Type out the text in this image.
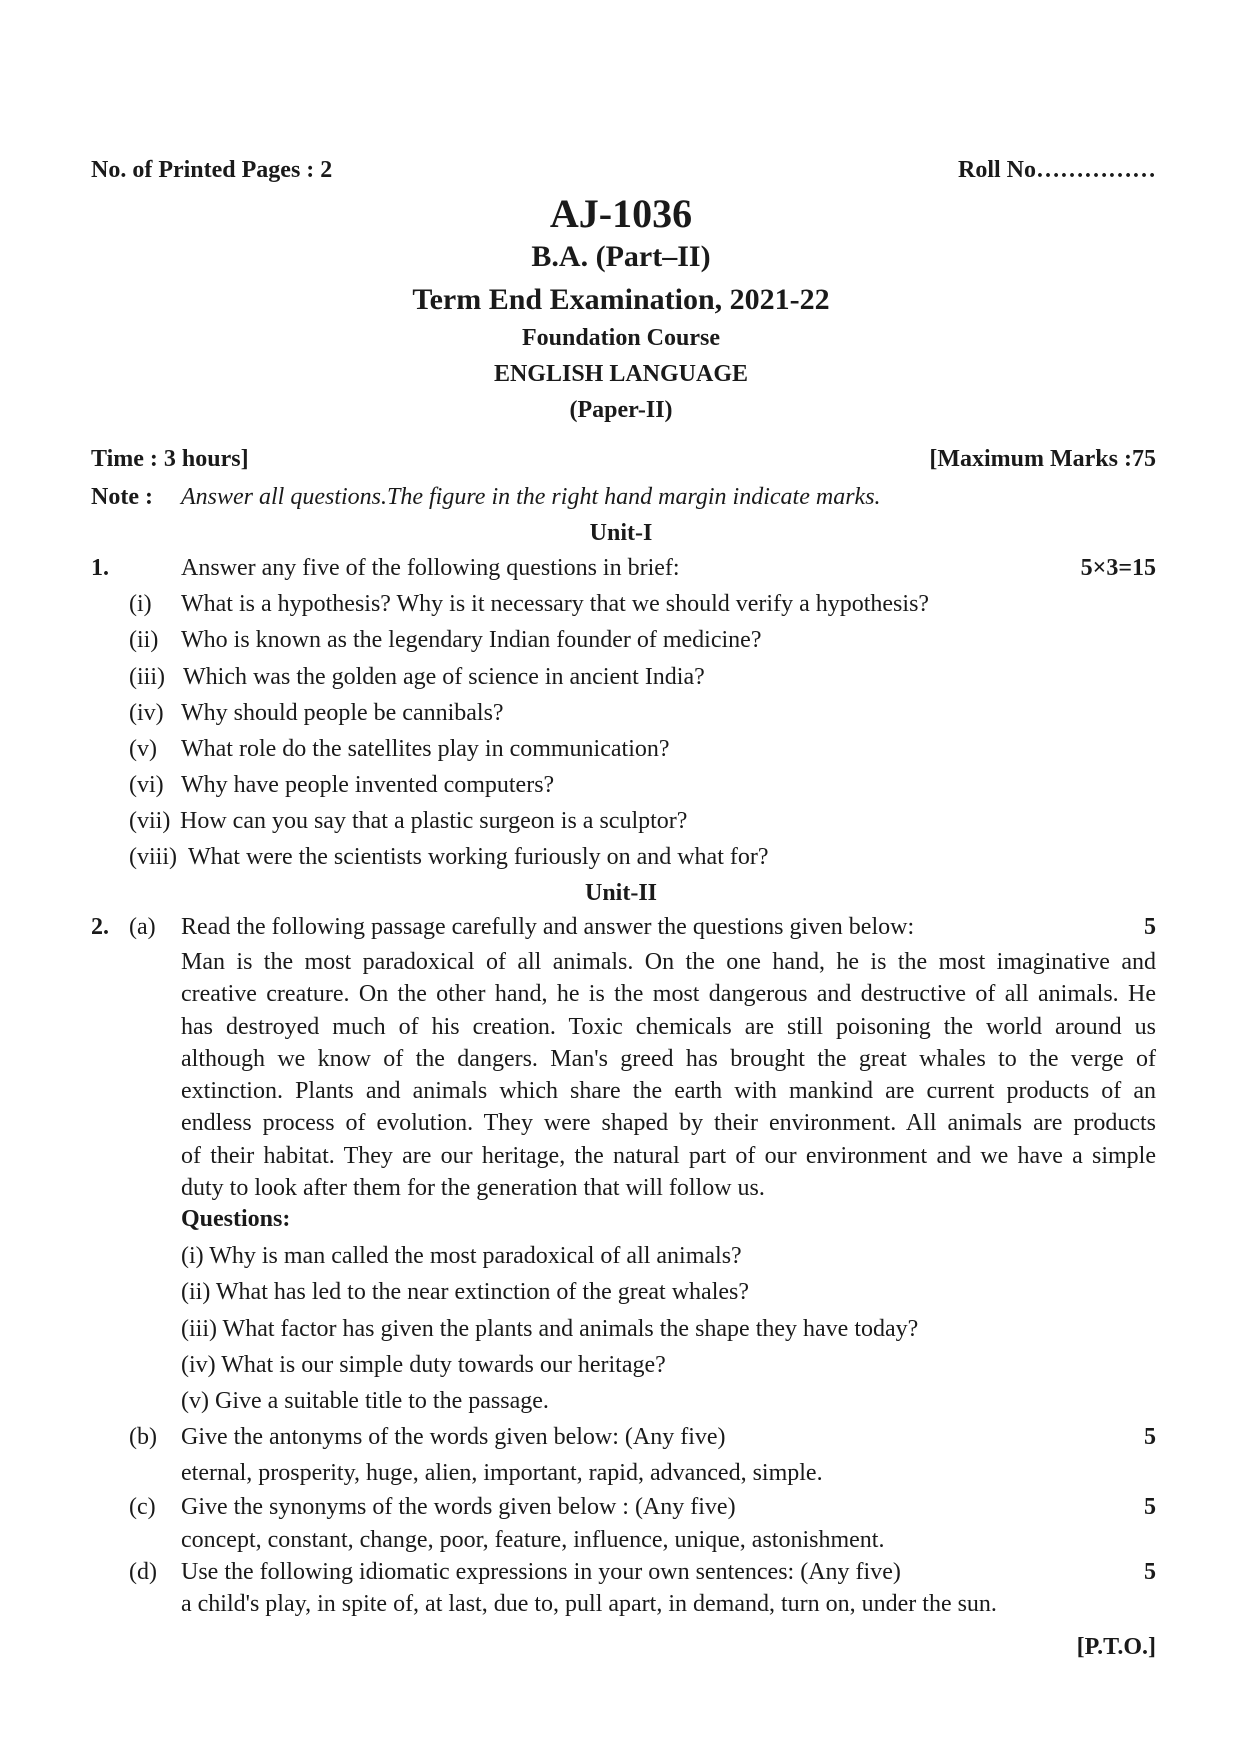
No. of Printed Pages : 2	Roll No……………
AJ-1036
B.A. (Part–II)
Term End Examination, 2021-22
Foundation Course
ENGLISH LANGUAGE
(Paper-II)
Time : 3 hours]	[Maximum Marks :75
Note : Answer all questions.The figure in the right hand margin indicate marks.
Unit-I
1.	Answer any five of the following questions in brief:	5×3=15
(i) What is a hypothesis? Why is it necessary that we should verify a hypothesis?
(ii) Who is known as the legendary Indian founder of medicine?
(iii) Which was the golden age of science in ancient India?
(iv) Why should people be cannibals?
(v) What role do the satellites play in communication?
(vi) Why have people invented computers?
(vii) How can you say that a plastic surgeon is a sculptor?
(viii) What were the scientists working furiously on and what for?
Unit-II
2. (a) Read the following passage carefully and answer the questions given below:	5
Man is the most paradoxical of all animals. On the one hand, he is the most imaginative and
creative creature. On the other hand, he is the most dangerous and destructive of all animals. He
has destroyed much of his creation. Toxic chemicals are still poisoning the world around us
although we know of the dangers. Man's greed has brought the great whales to the verge of
extinction. Plants and animals which share the earth with mankind are current products of an
endless process of evolution. They were shaped by their environment. All animals are products
of their habitat. They are our heritage, the natural part of our environment and we have a simple
duty to look after them for the generation that will follow us.
Questions:
(i) Why is man called the most paradoxical of all animals?
(ii) What has led to the near extinction of the great whales?
(iii) What factor has given the plants and animals the shape they have today?
(iv) What is our simple duty towards our heritage?
(v) Give a suitable title to the passage.
(b) Give the antonyms of the words given below: (Any five)	5
eternal, prosperity, huge, alien, important, rapid, advanced, simple.
(c) Give the synonyms of the words given below : (Any five)	5
concept, constant, change, poor, feature, influence, unique, astonishment.
(d) Use the following idiomatic expressions in your own sentences: (Any five)	5
a child's play, in spite of, at last, due to, pull apart, in demand, turn on, under the sun.
[P.T.O.]
